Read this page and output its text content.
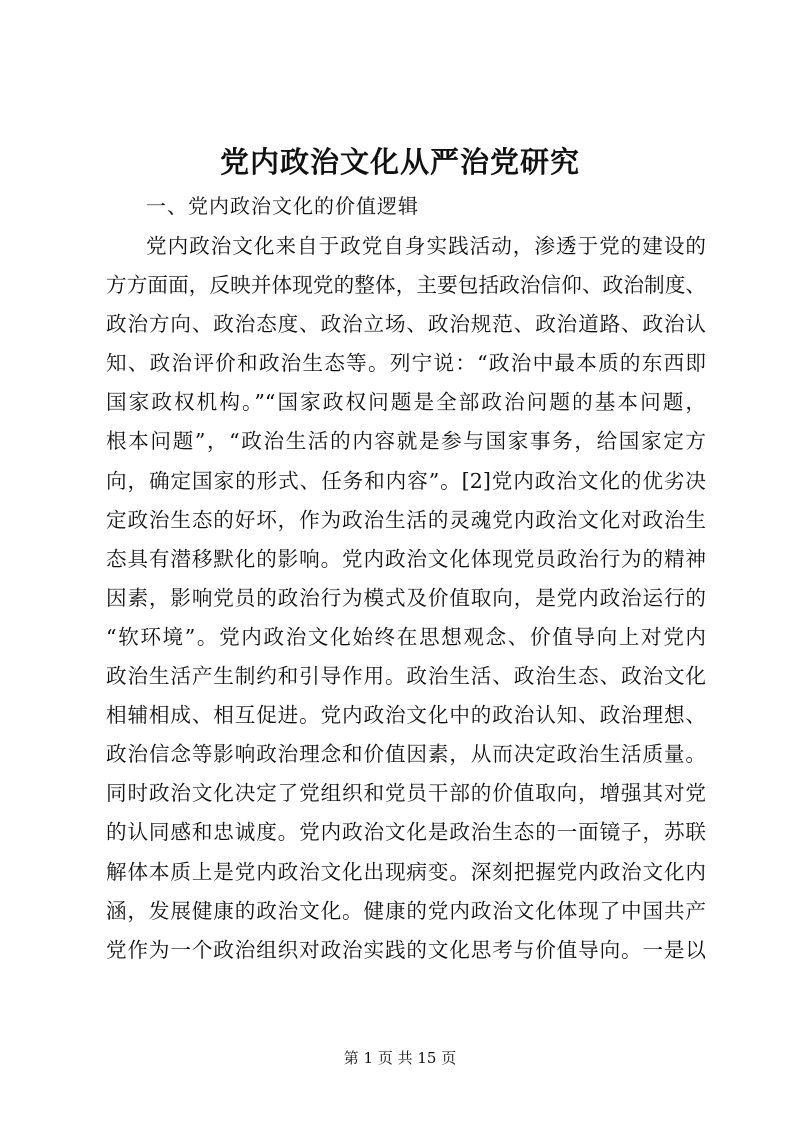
党内政治文化从严治党研究
一、党内政治文化的价值逻辑
党内政治文化来自于政党自身实践活动，渗透于党的建设的
方方面面，反映并体现党的整体，主要包括政治信仰、政治制度、
政治方向、政治态度、政治立场、政治规范、政治道路、政治认
知、政治评价和政治生态等。列宁说：“政治中最本质的东西即
国家政权机构。”“国家政权问题是全部政治问题的基本问题，
根本问题”，“政治生活的内容就是参与国家事务，给国家定方
向，确定国家的形式、任务和内容”。[2]党内政治文化的优劣决
定政治生态的好坏，作为政治生活的灵魂党内政治文化对政治生
态具有潜移默化的影响。党内政治文化体现党员政治行为的精神
因素，影响党员的政治行为模式及价值取向，是党内政治运行的
“软环境”。党内政治文化始终在思想观念、价值导向上对党内
政治生活产生制约和引导作用。政治生活、政治生态、政治文化
相辅相成、相互促进。党内政治文化中的政治认知、政治理想、
政治信念等影响政治理念和价值因素，从而决定政治生活质量。
同时政治文化决定了党组织和党员干部的价值取向，增强其对党
的认同感和忠诚度。党内政治文化是政治生态的一面镜子，苏联
解体本质上是党内政治文化出现病变。深刻把握党内政治文化内
涵，发展健康的政治文化。健康的党内政治文化体现了中国共产
党作为一个政治组织对政治实践的文化思考与价值导向。一是以
第 1 页 共 15 页
